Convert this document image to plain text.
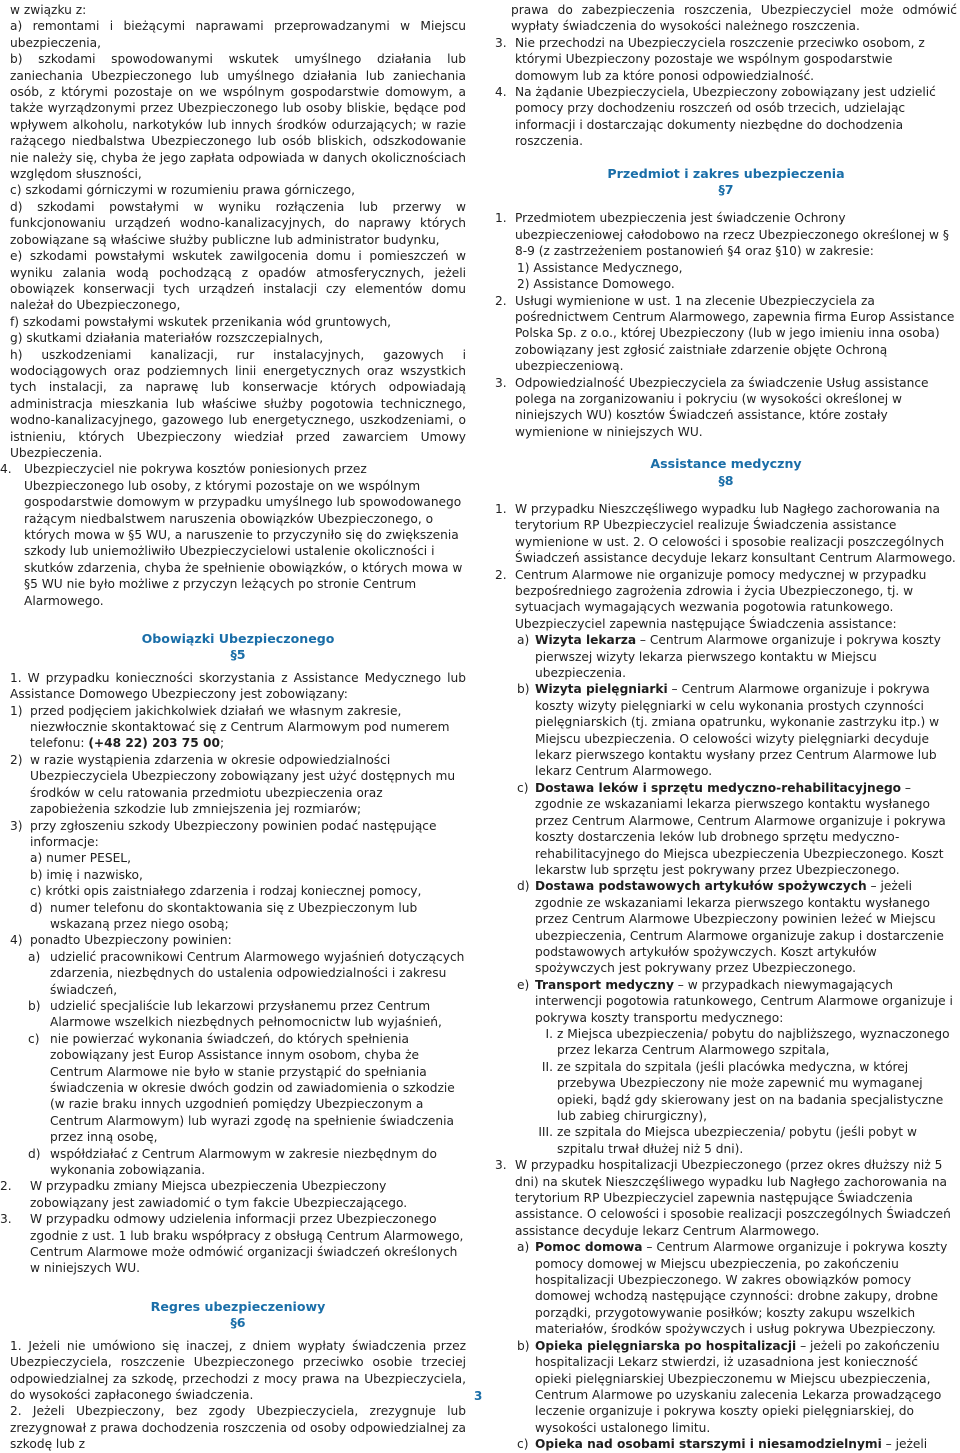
w związku z:
a) remontami i bieżącymi naprawami przeprowadzanymi w Miejscu ubezpieczenia,
b) szkodami spowodowanymi wskutek umyślnego działania lub zaniechania Ubezpieczonego lub umyślnego działania lub zaniechania osób, z którymi pozostaje on we wspólnym gospodarstwie domowym, a także wyrządzonymi przez Ubezpieczonego lub osoby bliskie, będące pod wpływem alkoholu, narkotyków lub innych środków odurzających; w razie rażącego niedbalstwa Ubezpieczonego lub osób bliskich, odszkodowanie nie należy się, chyba że jego zapłata odpowiada w danych okolicznościach względom słuszności,
c) szkodami górniczymi w rozumieniu prawa górniczego,
d) szkodami powstałymi w wyniku rozłączenia lub przerwy w funkcjonowaniu urządzeń wodno-kanalizacyjnych, do naprawy których zobowiązane są właściwe służby publiczne lub administrator budynku,
e) szkodami powstałymi wskutek zawilgocenia domu i pomieszczeń w wyniku zalania wodą pochodzącą z opadów atmosferycznych, jeżeli obowiązek konserwacji tych urządzeń instalacji czy elementów domu należał do Ubezpieczonego,
f) szkodami powstałymi wskutek przenikania wód gruntowych,
g) skutkami działania materiałów rozszczepialnych,
h) uszkodzeniami kanalizacji, rur instalacyjnych, gazowych i wodociągowych oraz podziemnych linii energetycznych oraz wszystkich tych instalacji, za naprawę lub konserwacje których odpowiadają administracja mieszkania lub właściwe służby pogotowia technicznego, wodno-kanalizacyjnego, gazowego lub energetycznego, uszkodzeniami, o istnieniu, których Ubezpieczony wiedział przed zawarciem Umowy Ubezpieczenia.
4. Ubezpieczyciel nie pokrywa kosztów poniesionych przez Ubezpieczonego lub osoby, z którymi pozostaje on we wspólnym gospodarstwie domowym w przypadku umyślnego lub spowodowanego rażącym niedbalstwem naruszenia obowiązków Ubezpieczonego, o których mowa w §5 WU, a naruszenie to przyczyniło się do zwiększenia szkody lub uniemożliwiło Ubezpieczycielowi ustalenie okoliczności i skutków zdarzenia, chyba że spełnienie obowiązków, o których mowa w §5 WU nie było możliwe z przyczyn leżących po stronie Centrum Alarmowego.
Obowiązki Ubezpieczonego
§5
1. W przypadku konieczności skorzystania z Assistance Medycznego lub Assistance Domowego Ubezpieczony jest zobowiązany:
1) przed podjęciem jakichkolwiek działań we własnym zakresie, niezwłocznie skontaktować się z Centrum Alarmowym pod numerem telefonu: (+48 22) 203 75 00;
2) w razie wystąpienia zdarzenia w okresie odpowiedzialności Ubezpieczyciela Ubezpieczony zobowiązany jest użyć dostępnych mu środków w celu ratowania przedmiotu ubezpieczenia oraz zapobieżenia szkodzie lub zmniejszenia jej rozmiarów;
3) przy zgłoszeniu szkody Ubezpieczony powinien podać następujące informacje:
a) numer PESEL,
b) imię i nazwisko,
c) krótki opis zaistniałego zdarzenia i rodzaj koniecznej pomocy,
d) numer telefonu do skontaktowania się z Ubezpieczonym lub wskazaną przez niego osobą;
4) ponadto Ubezpieczony powinien:
a) udzielić pracownikowi Centrum Alarmowego wyjaśnień dotyczących zdarzenia, niezbędnych do ustalenia odpowiedzialności i zakresu świadczeń,
b) udzielić specjaliście lub lekarzowi przysłanemu przez Centrum Alarmowe wszelkich niezbędnych pełnomocnictw lub wyjaśnień,
c) nie powierzać wykonania świadczeń, do których spełnienia zobowiązany jest Europ Assistance innym osobom, chyba że Centrum Alarmowe nie było w stanie przystąpić do spełniania świadczenia w okresie dwóch godzin od zawiadomienia o szkodzie (w razie braku innych uzgodnień pomiędzy Ubezpieczonym a Centrum Alarmowym) lub wyrazi zgodę na spełnienie świadczenia przez inną osobę,
d) współdziałać z Centrum Alarmowym w zakresie niezbędnym do wykonania zobowiązania.
2. W przypadku zmiany Miejsca ubezpieczenia Ubezpieczony zobowiązany jest zawiadomić o tym fakcie Ubezpieczającego.
3. W przypadku odmowy udzielenia informacji przez Ubezpieczonego zgodnie z ust. 1 lub braku współpracy z obsługą Centrum Alarmowego, Centrum Alarmowe może odmówić organizacji świadczeń określonych w niniejszych WU.
Regres ubezpieczeniowy
§6
1. Jeżeli nie umówiono się inaczej, z dniem wypłaty świadczenia przez Ubezpieczyciela, roszczenie Ubezpieczonego przeciwko osobie trzeciej odpowiedzialnej za szkodę, przechodzi z mocy prawa na Ubezpieczyciela, do wysokości zapłaconego świadczenia.
2. Jeżeli Ubezpieczony, bez zgody Ubezpieczyciela, zrezygnuje lub zrezygnował z prawa dochodzenia roszczenia od osoby odpowiedzialnej za szkodę lub z
prawa do zabezpieczenia roszczenia, Ubezpieczyciel może odmówić wypłaty świadczenia do wysokości należnego roszczenia.
3. Nie przechodzi na Ubezpieczyciela roszczenie przeciwko osobom, z którymi Ubezpieczony pozostaje we wspólnym gospodarstwie domowym lub za które ponosi odpowiedzialność.
4. Na żądanie Ubezpieczyciela, Ubezpieczony zobowiązany jest udzielić pomocy przy dochodzeniu roszczeń od osób trzecich, udzielając informacji i dostarczając dokumenty niezbędne do dochodzenia roszczenia.
Przedmiot i zakres ubezpieczenia
§7
1. Przedmiotem ubezpieczenia jest świadczenie Ochrony ubezpieczeniowej całodobowo na rzecz Ubezpieczonego określonej w § 8-9 (z zastrzeżeniem postanowień §4 oraz §10) w zakresie:
1) Assistance Medycznego,
2) Assistance Domowego.
2. Usługi wymienione w ust. 1 na zlecenie Ubezpieczyciela za pośrednictwem Centrum Alarmowego, zapewnia firma Europ Assistance Polska Sp. z o.o., której Ubezpieczony (lub w jego imieniu inna osoba) zobowiązany jest zgłosić zaistniałe zdarzenie objęte Ochroną ubezpieczeniową.
3. Odpowiedzialność Ubezpieczyciela za świadczenie Usług assistance polega na zorganizowaniu i pokryciu (w wysokości określonej w niniejszych WU) kosztów Świadczeń assistance, które zostały wymienione w niniejszych WU.
Assistance medyczny
§8
1. W przypadku Nieszczęśliwego wypadku lub Nagłego zachorowania na terytorium RP Ubezpieczyciel realizuje Świadczenia assistance wymienione w ust. 2. O celowości i sposobie realizacji poszczególnych Świadczeń assistance decyduje lekarz konsultant Centrum Alarmowego.
2. Centrum Alarmowe nie organizuje pomocy medycznej w przypadku bezpośredniego zagrożenia zdrowia i życia Ubezpieczonego, tj. w sytuacjach wymagających wezwania pogotowia ratunkowego. Ubezpieczyciel zapewnia następujące Świadczenia assistance:
a) Wizyta lekarza – Centrum Alarmowe organizuje i pokrywa koszty pierwszej wizyty lekarza pierwszego kontaktu w Miejscu ubezpieczenia.
b) Wizyta pielęgniarki – Centrum Alarmowe organizuje i pokrywa koszty wizyty pielęgniarki w celu wykonania prostych czynności pielęgniarskich (tj. zmiana opatrunku, wykonanie zastrzyku itp.) w Miejscu ubezpieczenia. O celowości wizyty pielęgniarki decyduje lekarz pierwszego kontaktu wysłany przez Centrum Alarmowe lub lekarz Centrum Alarmowego.
c) Dostawa leków i sprzętu medyczno-rehabilitacyjnego – zgodnie ze wskazaniami lekarza pierwszego kontaktu wysłanego przez Centrum Alarmowe, Centrum Alarmowe organizuje i pokrywa koszty dostarczenia leków lub drobnego sprzętu medyczno-rehabilitacyjnego do Miejsca ubezpieczenia Ubezpieczonego. Koszt lekarstw lub sprzętu jest pokrywany przez Ubezpieczonego.
d) Dostawa podstawowych artykułów spożywczych – jeżeli zgodnie ze wskazaniami lekarza pierwszego kontaktu wysłanego przez Centrum Alarmowe Ubezpieczony powinien leżeć w Miejscu ubezpieczenia, Centrum Alarmowe organizuje zakup i dostarczenie podstawowych artykułów spożywczych. Koszt artykułów spożywczych jest pokrywany przez Ubezpieczonego.
e) Transport medyczny – w przypadkach niewymagających interwencji pogotowia ratunkowego, Centrum Alarmowe organizuje i pokrywa koszty transportu medycznego:
I. z Miejsca ubezpieczenia/ pobytu do najbliższego, wyznaczonego przez lekarza Centrum Alarmowego szpitala,
II. ze szpitala do szpitala (jeśli placówka medyczna, w której przebywa Ubezpieczony nie może zapewnić mu wymaganej opieki, bądź gdy skierowany jest on na badania specjalistyczne lub zabieg chirurgiczny),
III. ze szpitala do Miejsca ubezpieczenia/ pobytu (jeśli pobyt w szpitalu trwał dłużej niż 5 dni).
3. W przypadku hospitalizacji Ubezpieczonego (przez okres dłuższy niż 5 dni) na skutek Nieszczęśliwego wypadku lub Nagłego zachorowania na terytorium RP Ubezpieczyciel zapewnia następujące Świadczenia assistance. O celowości i sposobie realizacji poszczególnych Świadczeń assistance decyduje lekarz Centrum Alarmowego.
a) Pomoc domowa – Centrum Alarmowe organizuje i pokrywa koszty pomocy domowej w Miejscu ubezpieczenia, po zakończeniu hospitalizacji Ubezpieczonego. W zakres obowiązków pomocy domowej wchodzą następujące czynności: drobne zakupy, drobne porządki, przygotowywanie posiłków; koszty zakupu wszelkich materiałów, środków spożywczych i usług pokrywa Ubezpieczony.
b) Opieka pielęgniarska po hospitalizacji – jeżeli po zakończeniu hospitalizacji Lekarz stwierdzi, iż uzasadniona jest konieczność opieki pielęgniarskiej Ubezpieczonemu w Miejscu ubezpieczenia, Centrum Alarmowe po uzyskaniu zalecenia Lekarza prowadzącego leczenie organizuje i pokrywa koszty opieki pielęgniarskiej, do wysokości ustalonego limitu.
c) Opieka nad osobami starszymi i niesamodzielnymi – jeżeli
3
